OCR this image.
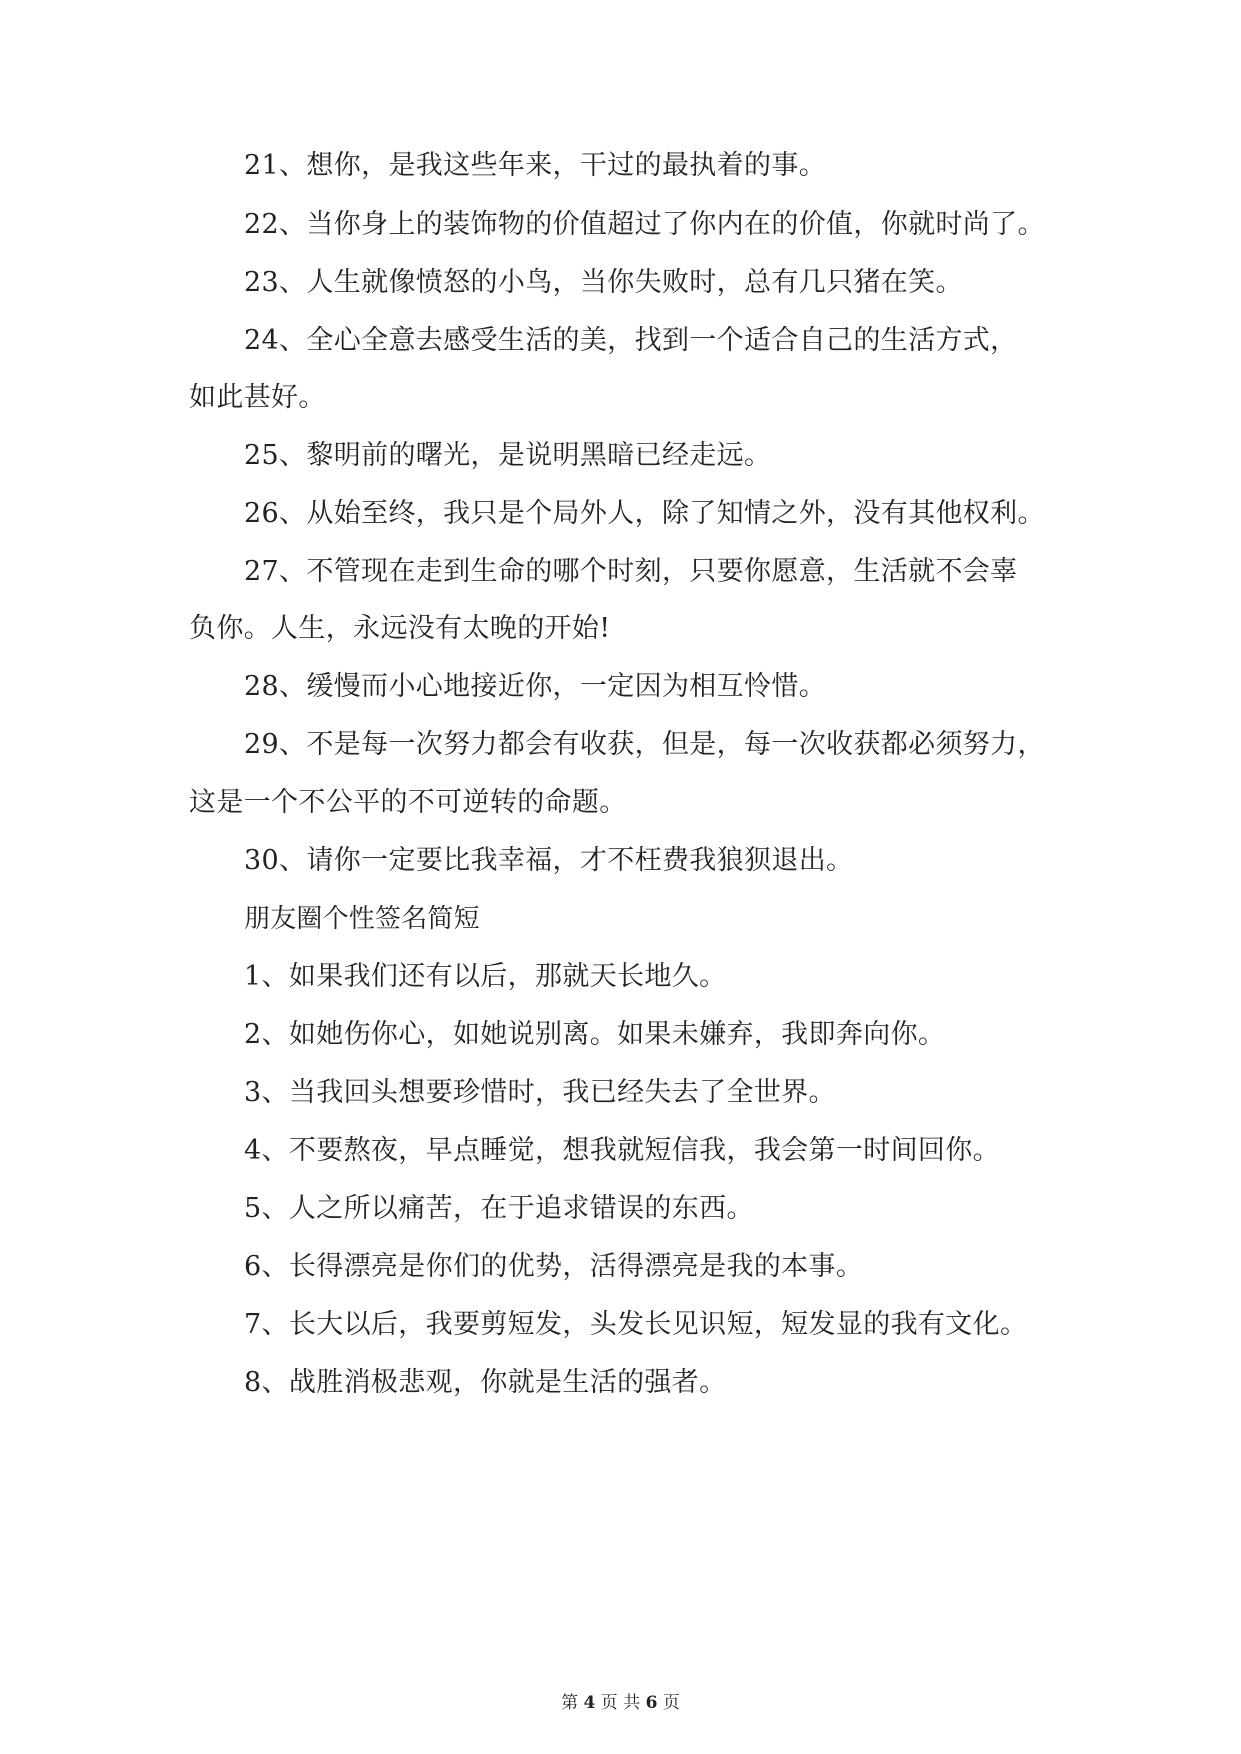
21、想你，是我这些年来，干过的最执着的事。
22、当你身上的装饰物的价值超过了你内在的价值，你就时尚了。
23、人生就像愤怒的小鸟，当你失败时，总有几只猪在笑。
24、全心全意去感受生活的美，找到一个适合自己的生活方式，
如此甚好。
25、黎明前的曙光，是说明黑暗已经走远。
26、从始至终，我只是个局外人，除了知情之外，没有其他权利。
27、不管现在走到生命的哪个时刻，只要你愿意，生活就不会辜
负你。人生，永远没有太晚的开始!
28、缓慢而小心地接近你，一定因为相互怜惜。
29、不是每一次努力都会有收获，但是，每一次收获都必须努力，
这是一个不公平的不可逆转的命题。
30、请你一定要比我幸福，才不枉费我狼狈退出。
朋友圈个性签名简短
1、如果我们还有以后，那就天长地久。
2、如她伤你心，如她说别离。如果未嫌弃，我即奔向你。
3、当我回头想要珍惜时，我已经失去了全世界。
4、不要熬夜，早点睡觉，想我就短信我，我会第一时间回你。
5、人之所以痛苦，在于追求错误的东西。
6、长得漂亮是你们的优势，活得漂亮是我的本事。
7、长大以后，我要剪短发，头发长见识短，短发显的我有文化。
8、战胜消极悲观，你就是生活的强者。
第 4 页 共 6 页
